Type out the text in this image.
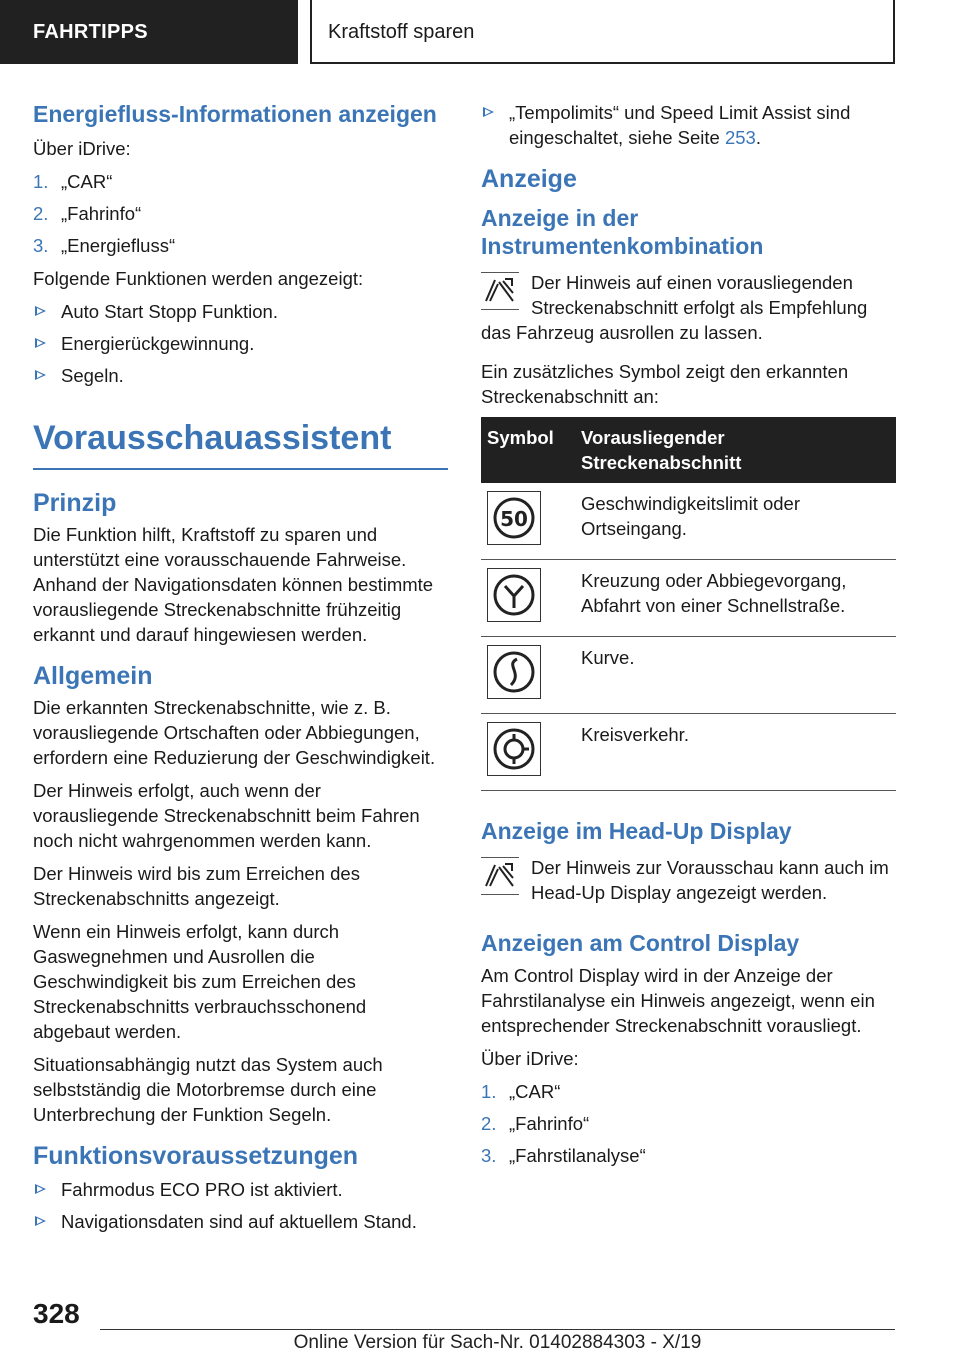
FAHRTIPPS	Kraftstoff sparen
Energiefluss-Informationen anzeigen

Über iDrive:

1. „CAR“
2. „Fahrinfo“
3. „Energiefluss“

Folgende Funktionen werden angezeigt:

Auto Start Stopp Funktion.
Energierückgewinnung.
Segeln.
Vorausschauassistent
Prinzip

Die Funktion hilft, Kraftstoff zu sparen und unterstützt eine vorausschauende Fahrweise. Anhand der Navigationsdaten können bestimmte vorausliegende Streckenabschnitte frühzeitig erkannt und darauf hingewiesen werden.

Allgemein

Die erkannten Streckenabschnitte, wie z. B. vorausliegende Ortschaften oder Abbiegungen, erfordern eine Reduzierung der Geschwindigkeit.

Der Hinweis erfolgt, auch wenn der vorausliegende Streckenabschnitt beim Fahren noch nicht wahrgenommen werden kann.

Der Hinweis wird bis zum Erreichen des Streckenabschnitts angezeigt.

Wenn ein Hinweis erfolgt, kann durch Gaswegnehmen und Ausrollen die Geschwindigkeit bis zum Erreichen des Streckenabschnitts verbrauchsschonend abgebaut werden.

Situationsabhängig nutzt das System auch selbstständig die Motorbremse durch eine Unterbrechung der Funktion Segeln.

Funktionsvoraussetzungen
Fahrmodus ECO PRO ist aktiviert.
Navigationsdaten sind auf aktuellem Stand.
„Tempolimits“ und Speed Limit Assist sind eingeschaltet, siehe Seite 253.
Anzeige
Anzeige in der Instrumentenkombination

Der Hinweis auf einen vorausliegenden Streckenabschnitt erfolgt als Empfehlung

das Fahrzeug ausrollen zu lassen.

Ein zusätzliches Symbol zeigt den erkannten Streckenabschnitt an:

Symbol	Vorausliegender Streckenabschnitt

50	Geschwindigkeitslimit oder Ortseingang.

	Kreuzung oder Abbiegevorgang, Abfahrt von einer Schnellstraße.

	Kurve.

	Kreisverkehr.
Anzeige im Head-Up Display

Der Hinweis zur Vorausschau kann auch im Head-Up Display angezeigt werden.

Anzeigen am Control Display

Am Control Display wird in der Anzeige der Fahrstilanalyse ein Hinweis angezeigt, wenn ein entsprechender Streckenabschnitt vorausliegt.

Über iDrive:

1. „CAR“
2. „Fahrinfo“
3. „Fahrstilanalyse“
328
Online Version für Sach-Nr. 01402884303 - X/19
